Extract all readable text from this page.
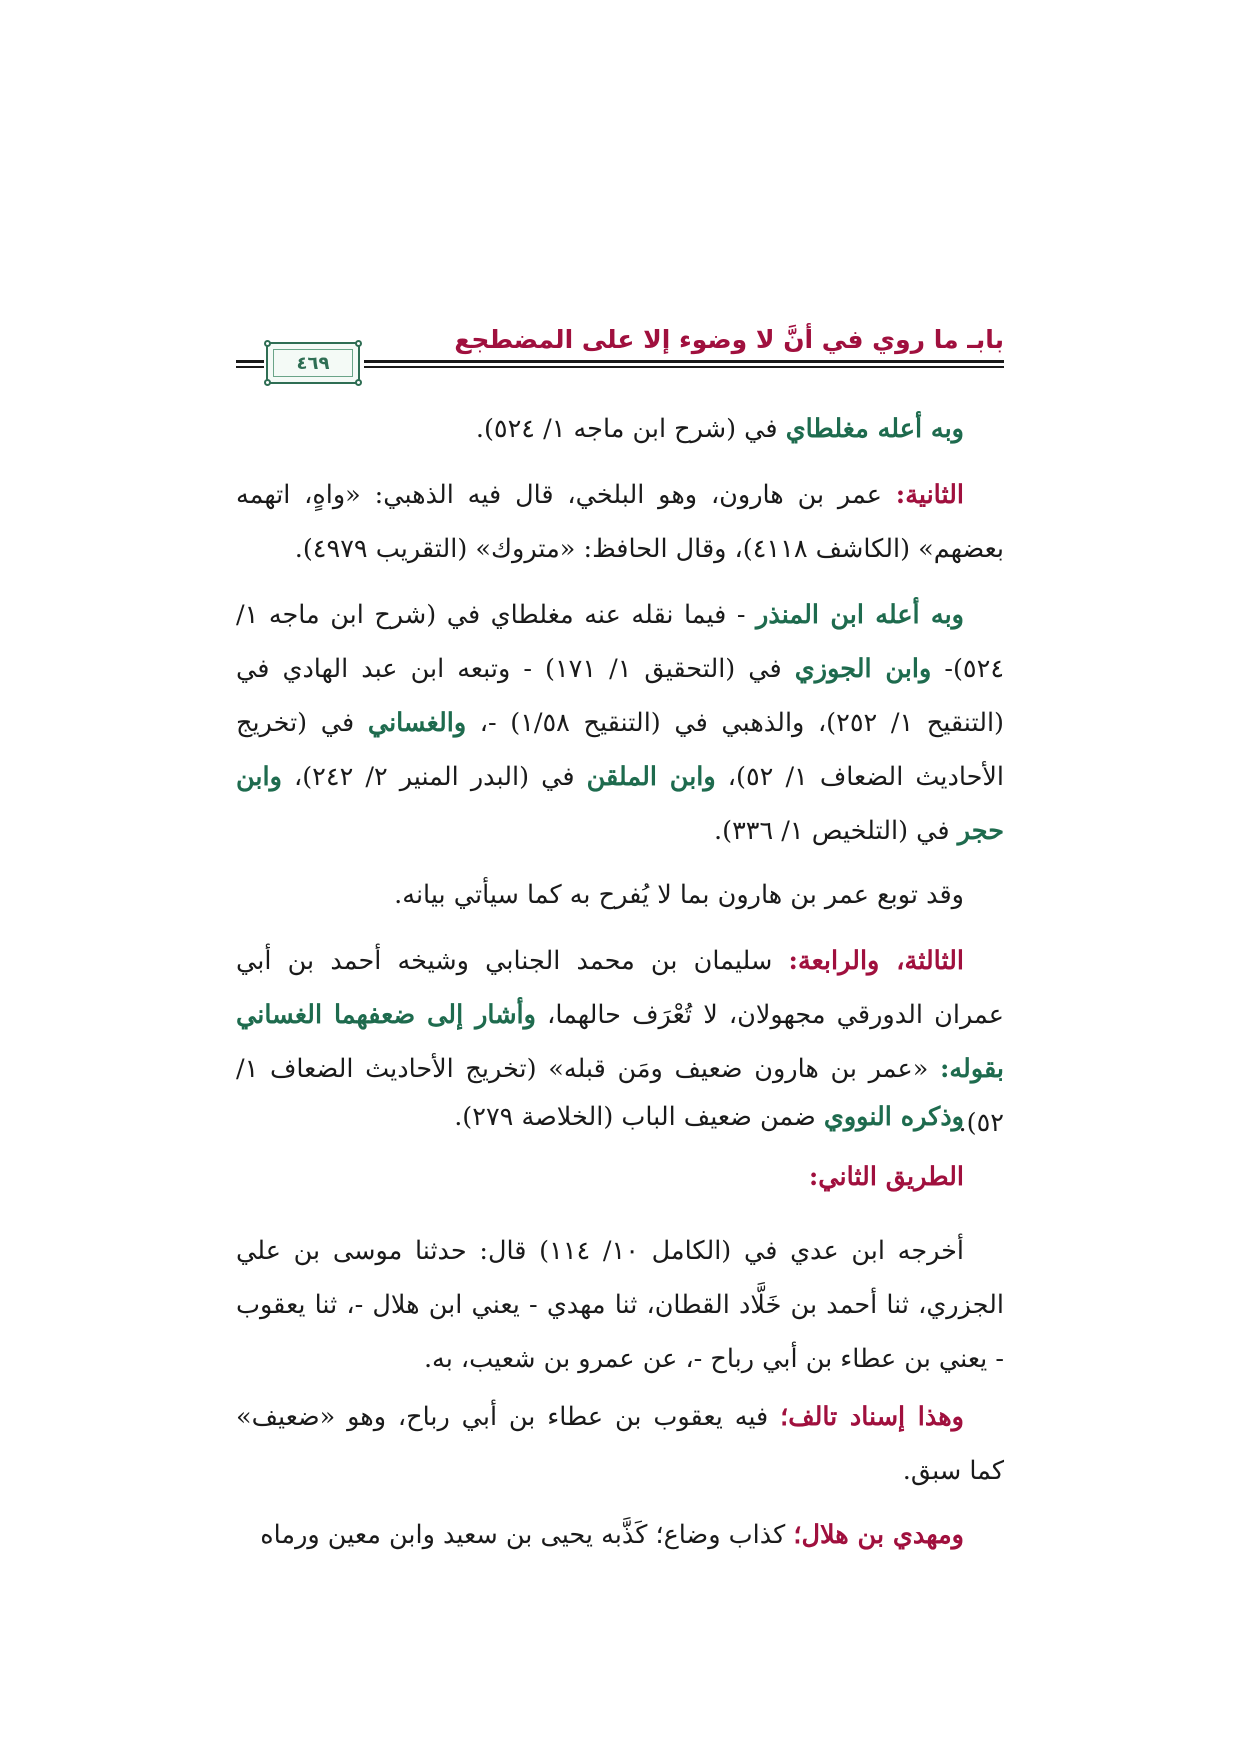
بابـ ما روي في أنَّ لا وضوء إلا على المضطجع
٤٦٩

وبه أعله مغلطاي في (شرح ابن ماجه ١/ ٥٢٤).

الثانية: عمر بن هارون، وهو البلخي، قال فيه الذهبي: «واهٍ، اتهمه بعضهم» (الكاشف ٤١١٨)، وقال الحافظ: «متروك» (التقريب ٤٩٧٩).

وبه أعله ابن المنذر - فيما نقله عنه مغلطاي في (شرح ابن ماجه ١/ ٥٢٤)- وابن الجوزي في (التحقيق ١/ ١٧١) - وتبعه ابن عبد الهادي في (التنقيح ١/ ٢٥٢)، والذهبي في (التنقيح ١/٥٨) -، والغساني في (تخريج الأحاديث الضعاف ١/ ٥٢)، وابن الملقن في (البدر المنير ٢/ ٢٤٢)، وابن حجر في (التلخيص ١/ ٣٣٦).

وقد توبع عمر بن هارون بما لا يُفرح به كما سيأتي بيانه.

الثالثة، والرابعة: سليمان بن محمد الجنابي وشيخه أحمد بن أبي عمران الدورقي مجهولان، لا تُعْرَف حالهما، وأشار إلى ضعفهما الغساني بقوله: «عمر بن هارون ضعيف ومَن قبله» (تخريج الأحاديث الضعاف ١/ ٥٢).

وذكره النووي ضمن ضعيف الباب (الخلاصة ٢٧٩).

الطريق الثاني:

أخرجه ابن عدي في (الكامل ١٠/ ١١٤) قال: حدثنا موسى بن علي الجزري، ثنا أحمد بن خَلَّاد القطان، ثنا مهدي - يعني ابن هلال -، ثنا يعقوب - يعني بن عطاء بن أبي رباح -، عن عمرو بن شعيب، به.

وهذا إسناد تالف؛ فيه يعقوب بن عطاء بن أبي رباح، وهو «ضعيف» كما سبق.

ومهدي بن هلال؛ كذاب وضاع؛ كَذَّبه يحيى بن سعيد وابن معين ورماه
